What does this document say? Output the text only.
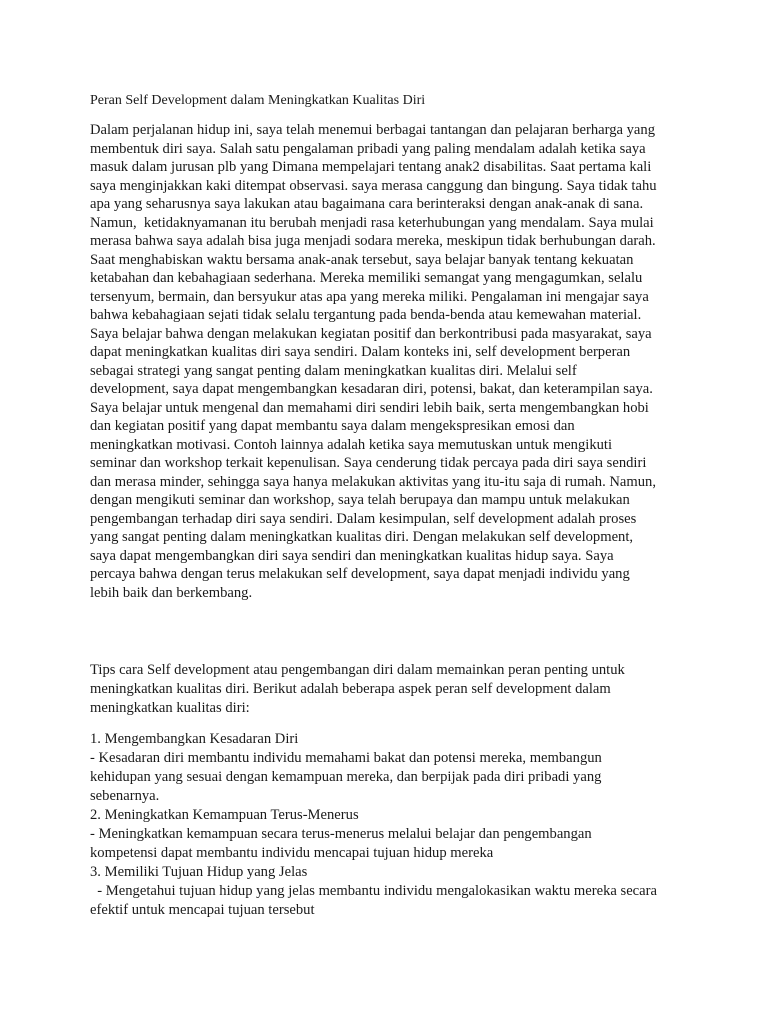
Peran Self Development dalam Meningkatkan Kualitas Diri
Dalam perjalanan hidup ini, saya telah menemui berbagai tantangan dan pelajaran berharga yang
membentuk diri saya. Salah satu pengalaman pribadi yang paling mendalam adalah ketika saya
masuk dalam jurusan plb yang Dimana mempelajari tentang anak2 disabilitas. Saat pertama kali
saya menginjakkan kaki ditempat observasi. saya merasa canggung dan bingung. Saya tidak tahu
apa yang seharusnya saya lakukan atau bagaimana cara berinteraksi dengan anak-anak di sana.
Namun,  ketidaknyamanan itu berubah menjadi rasa keterhubungan yang mendalam. Saya mulai
merasa bahwa saya adalah bisa juga menjadi sodara mereka, meskipun tidak berhubungan darah.
Saat menghabiskan waktu bersama anak-anak tersebut, saya belajar banyak tentang kekuatan
ketabahan dan kebahagiaan sederhana. Mereka memiliki semangat yang mengagumkan, selalu
tersenyum, bermain, dan bersyukur atas apa yang mereka miliki. Pengalaman ini mengajar saya
bahwa kebahagiaan sejati tidak selalu tergantung pada benda-benda atau kemewahan material.
Saya belajar bahwa dengan melakukan kegiatan positif dan berkontribusi pada masyarakat, saya
dapat meningkatkan kualitas diri saya sendiri. Dalam konteks ini, self development berperan
sebagai strategi yang sangat penting dalam meningkatkan kualitas diri. Melalui self
development, saya dapat mengembangkan kesadaran diri, potensi, bakat, dan keterampilan saya.
Saya belajar untuk mengenal dan memahami diri sendiri lebih baik, serta mengembangkan hobi
dan kegiatan positif yang dapat membantu saya dalam mengekspresikan emosi dan
meningkatkan motivasi. Contoh lainnya adalah ketika saya memutuskan untuk mengikuti
seminar dan workshop terkait kepenulisan. Saya cenderung tidak percaya pada diri saya sendiri
dan merasa minder, sehingga saya hanya melakukan aktivitas yang itu-itu saja di rumah. Namun,
dengan mengikuti seminar dan workshop, saya telah berupaya dan mampu untuk melakukan
pengembangan terhadap diri saya sendiri. Dalam kesimpulan, self development adalah proses
yang sangat penting dalam meningkatkan kualitas diri. Dengan melakukan self development,
saya dapat mengembangkan diri saya sendiri dan meningkatkan kualitas hidup saya. Saya
percaya bahwa dengan terus melakukan self development, saya dapat menjadi individu yang
lebih baik dan berkembang.
Tips cara Self development atau pengembangan diri dalam memainkan peran penting untuk
meningkatkan kualitas diri. Berikut adalah beberapa aspek peran self development dalam
meningkatkan kualitas diri:
1. Mengembangkan Kesadaran Diri
- Kesadaran diri membantu individu memahami bakat dan potensi mereka, membangun
kehidupan yang sesuai dengan kemampuan mereka, dan berpijak pada diri pribadi yang
sebenarnya.
2. Meningkatkan Kemampuan Terus-Menerus
- Meningkatkan kemampuan secara terus-menerus melalui belajar dan pengembangan
kompetensi dapat membantu individu mencapai tujuan hidup mereka
3. Memiliki Tujuan Hidup yang Jelas
- Mengetahui tujuan hidup yang jelas membantu individu mengalokasikan waktu mereka secara
efektif untuk mencapai tujuan tersebut
